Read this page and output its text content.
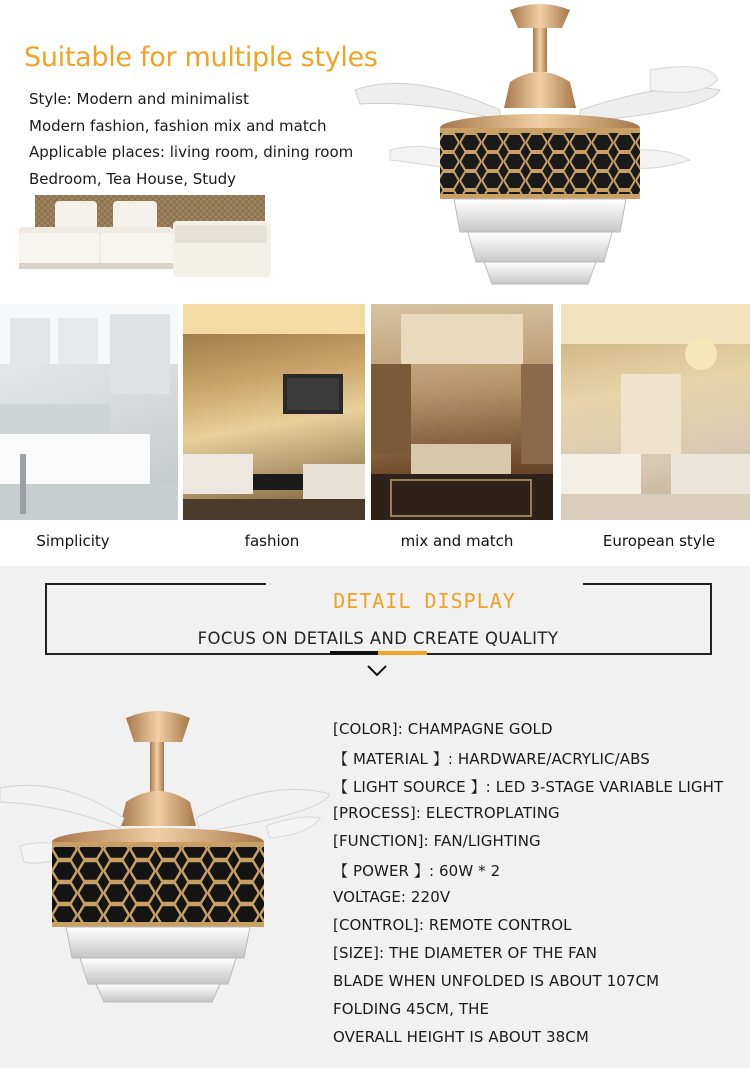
Suitable for multiple styles
Style: Modern and minimalist
Modern fashion, fashion mix and match
Applicable places: living room, dining room
Bedroom, Tea House, Study
Simplicity	fashion	mix and match	European style
DETAIL DISPLAY
FOCUS ON DETAILS AND CREATE QUALITY
[COLOR]: CHAMPAGNE GOLD
【 MATERIAL 】: HARDWARE/ACRYLIC/ABS
【 LIGHT SOURCE 】: LED 3-STAGE VARIABLE LIGHT
[PROCESS]: ELECTROPLATING
[FUNCTION]: FAN/LIGHTING
【 POWER 】: 60W * 2
VOLTAGE: 220V
[CONTROL]: REMOTE CONTROL
[SIZE]: THE DIAMETER OF THE FAN
BLADE WHEN UNFOLDED IS ABOUT 107CM
FOLDING 45CM, THE
OVERALL HEIGHT IS ABOUT 38CM
